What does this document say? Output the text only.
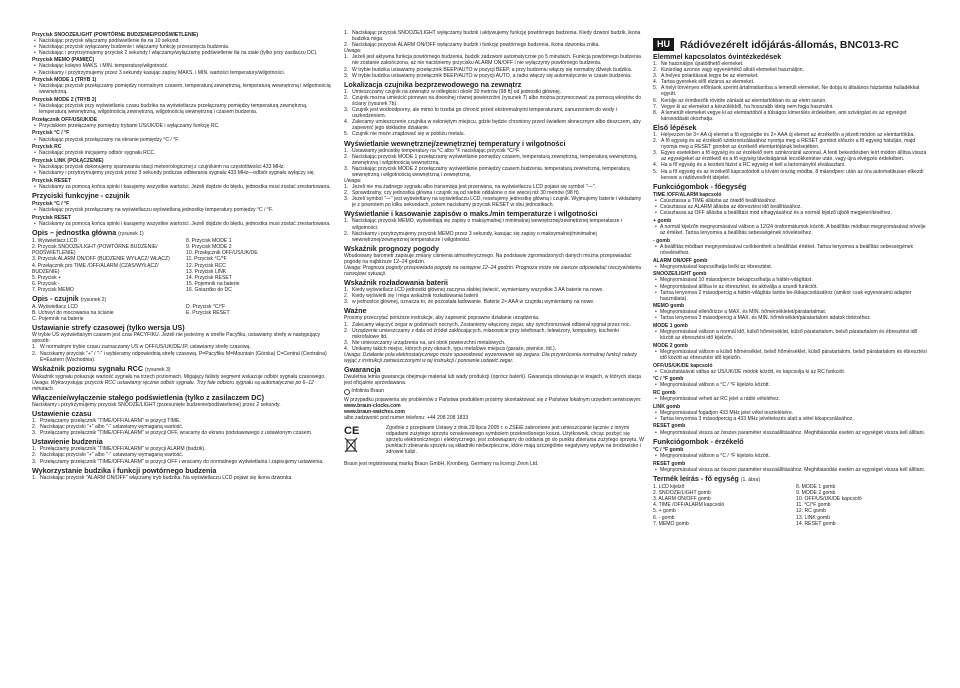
Przycisk SNOOZE/LIGHT (POWTÓRNE BUDZENIE/PODŚWIETLENIE)
• Naciskając przycisk włączamy podświetlenie tła na 10 sekund.
• Naciskając przycisk wyłączamy budzenie i włączamy funkcję przesunięcia budzenia.
• Naciskając i przytrzymujemy przycisk 2 sekundy i włączamy/wyłączamy podświetlenie tła na stałe (tylko przy zasilaczu DC).
Przycisk MEMO (PAMIĘĆ)
• Naciskając kolejno MAKS. i MIN. temperaturę/wilgotność.
• Naciskamy i przytrzymujemy przez 3 sekundy kasując zapisy MAKS. i MIN. wartości temperatury/wilgotności.
Przycisk MODE 1 (TRYB 1)
• Naciskając przycisk przełączamy pomiędzy normalnym czasem, temperaturą zewnętrzną, temperaturą wewnętrzną i wilgotnością wewnętrzną.
Przycisk MODE 2 (TRYB 2)
• Naciskając przycisk przy wyświetlaniu czasu budzika na wyświetlaczu przełączamy pomiędzy temperaturą zewnętrzną, temperaturą wewnętrzną, wilgotnością zewnętrzną, wilgotnością wewnętrzną i czasem budzenia.
Przełącznik OFF/US/UK/DE
• Przyciskiem przełączamy pomiędzy trybami US/UK/DE i wyłączamy funkcję RC.
Przycisk °C / °F
• Naciskając przycisk przełączamy na ekranie pomiędzy °C / °F.
Przycisk RC
• Naciskając przycisk inicjujemy odbiór sygnału RCC.
Przycisk LINK (POŁĄCZENIE)
• Naciskając przycisk dokonujemy sparowania stacji meteorologicznej z czujnikiem na częstotliwości 433 MHz.
• Naciskamy i przytrzymujemy przycisk przez 3 sekundy podczas odbierania sygnału 433 MHz—odbiór sygnału wyłączy się.
Przycisk RESET
• Naciskamy za pomocą końca spinki i kasujemy wszystkie wartości. Jeżeli dojdzie do błędu, jednostka musi zostać zrestartowana.
Przyciski funkcyjne - czujnik
Przycisk °C / °F
• Naciskając przycisk przełączamy na wyświetlaczu wyświetlaną jednostkę temperatury pomiędzy °C / °F.
Przycisk RESET
• Naciskamy za pomocą końca spinki i kasujemy wszystkie wartości. Jeżeli dojdzie do błędu, jednostka musi zostać zrestartowana.
Opis – jednostka główna (rysunek 1)
1. Wyświetlacz LCD
2. Przycisk SNOOZE/LIGHT (POWTÓRNE BUDZENIE/ PODŚWIETLENIE)
3. Przycisk ALARM ON/OFF (BUDZENIE WYŁĄCZ/ WŁĄCZ)
4. Przełącznik pro TIME /OFF/ALARM (CZAS/WYŁĄCZ/ BUDZENIE)
5. Przycisk +
6. Przycisk -
7. Przycisk MEMO
8. Przycisk MODE 1
9. Przycisk MODE 2
10. Przełącznik OFF/US/UK/DE
11. Przycisk °C/°F
12. Przycisk RCC
13. Przycisk LINK
14. Przycisk RESET
15. Pojemnik na baterie
16. Gniazdko do DC
Opis - czujnik (rysunek 2)
A. Wyświetlacz LCD
B. Uchwyt do mocowania na ścianie
C. Pojemnik na baterie
D. Przycisk °C/°F
E. Przycisk RESET
Ustawianie strefy czasowej (tylko wersja US)
W trybie US wyświetlanym czasem jest czas PACYFIKU. Jeżeli nie jesteśmy w strefie Pacyfiku, ustawiamy strefę w następujący sposób:
1. W normalnym trybie czasu zaznaczamy US w OFF/US/UK/DE/JP, ustawiamy strefę czasową.
2. Naciskamy przycisk "+" / "-" i wybieramy odpowiednią strefę czasową. P=Pacyfiku M=Mountain (Górska) C=Central (Centralna) E=Eastern (Wschodnia).
Wskaźnik poziomu sygnału RCC (rysunek 3)
Wskaźnik sygnału pokazuje wartość sygnału na trzech poziomach. Migający faliisty segment wskazuje odbiór sygnału czasowego.
Uwaga: Wykorzystując przycisk RCC ustawiamy ręcznie odbiór sygnału. Trzy fale odbioru sygnału są automatycznie po 6–12 minutach.
Włączenie/wyłączenie stałego podświetlenia (tylko z zasilaczem DC)
Naciskamy i przytrzymujemy przycisk SNOOZE/LIGHT (przesunięte budzenie/podświetlenie) przez 2 sekundy.
Ustawienie czasu
1. Przełączamy przełącznik "TIME/OFF/ALARM" w pozycji TIME.
2. Naciskając przyciski "+" albo "-" ustawiamy wymaganą wartość.
3. Przełączamy przełącznik "TIME/OFF/ALARM" w pozycji OFF, wracamy do ekranu podstawowego z ustawionym czasem.
Ustawienie budzenia
1. Przełączamy przełącznik "TIME/OFF/ALARM" w pozycji ALARM (budzik).
2. Naciskając przyciski "+" albo "-" ustawiamy wymaganą wartość.
3. Przełączamy przełącznik "TIME/OFF/ALARM" w pozycji OFF i wracamy do normalnego wyświetlania i zapisujemy ustawienia.
Wykorzystanie budzika i funkcji powtórnego budzenia
1. Naciskając przycisk "ALARM ON/OFF" włączamy tryb budzika. Na wyświetlaczu LCD pojawi się ikona dzwonka
1. Naciskając przycisk SNOOZE/LIGHT wyłączamy budzik i aktywujemy funkcję powtórnego budzenia. Kiedy dzwoni budzik, ikona budzika miga.
2. Naciskając przycisk ALARM ON/OFF wyłączamy budzik i funkcję powtórnego budzenia, ikona dzwonka znika.
Uwaga:
1. Jeżeli jest aktywna funkcja powtórnego budzenia, budzik zadzwoni automatycznie po 5 minutach. Funkcja powtórnego budzenia nie zostanie zakończona, aż nie naciśniemy przycisku ALARM ON/OFF i nie wyłączymy powtórnego budzenia.
2. W trybie budzika ustawiamy przełącznik BEEP/AUTO w pozycji BEEP, a przy budzeniu włączy się normalny dźwięk budzika.
3. W trybie budzika ustawiamy przełącznik BEEP/AUTO w pozycji AUTO, a radio włączy się automatycznie w czasie budzenia.
Lokalizacja czujnika bezprzewodowego na zewnątrz
1. Umieszczamy czujnik na zewnątrz w odległości około 30 metrów (98 ft) od jednostki głównej.
2. Czujnik można umieścić pionowo na dowolnej równej powierzchni (rysunek 7) albo można przymocować za pomocą wkrętów do ściany (rysunek 7b).
3. Czujnik jest wodoodporny, ale mimo to trzeba go chronić przed ekstremalnymi temperaturami, zanurzeniem do wody i uszkodzeniem.
4. Zalecamy umieszczenie czujnika w osłoniętym miejscu, gdzie będzie chroniony przed światłem słonecznym albo deszczem, aby zapewnić jego dokładne działanie.
5. Czujnik nie może znajdować się w pobliżu metalu.
Wyświetlanie wewnętrznej/zewnętrznej temperatury i wilgotności
1. Ustawiamy jednostkę temperatury na °C albo °F naciskając przycisk °C/°F.
2. Naciskając przycisk MODE 1 przełączamy wyświetlanie pomiędzy czasem, temperaturą zewnętrzną, temperaturą wewnętrzną, zewnętrzną i wilgotnością wewnętrzną.
3. Naciskając przycisk MODE 2 przełączamy wyświetlanie pomiędzy czasem budzenia, temperaturą zewnętrzną, temperaturą wewnętrzną i wilgotnością wewnętrzną i zewnętrzną.
Uwaga:
1. Jeżeli nie ma żadnego sygnału albo transmisja jest przerwana, na wyświetlaczu LCD pojawi się symbol "—".
2. Sprawdzamy, czy jednostka główna i czujnik są od siebie oddalone o nie więcej niż 30 metrów (98 ft).
3. Jeżeli symbol "—" jest wyświetlany na wyświetlaczu LCD, resetujemy jednostkę główną i czujnik. Wyjmujemy baterie i wkładamy je z powrotem po kilku sekundach, potem naciskamy przycisk RESET w obu jednostkach.
Wyświetlanie i kasowanie zapisów o maks./min temperaturze i wilgotności
1. Naciskając przycisk MEMO, wyświetlają się zapisy o maksymalnej i minimalnej wewnętrznej/zewnętrznej temperaturze i wilgotności.
2. Naciskamy i przytrzymujemy przycisk MEMO przez 3 sekundy, kasując się zapisy o maksymalnej/minimalnej wewnętrznej/zewnętrznej temperaturze i wilgotności.
Wskaźnik prognozy pogody
Wbudowany barometr zapisuje zmiany ciśnienia atmosferycznego. Na podstawie zgromadzonych danych można przepowiadać pogodę na najbliższe 12–24 godzin.
Uwaga: Prognoza pogody przepowiada pogodę na następne 12–24 godzin. Prognoza może nie zawsze odpowiadać rzeczywistemu rozwojowi sytuacji.
Wskaźnik rozładowania baterii
1. Kiedy wyświetlacz LCD jednostki głównej zaczyna słabiej świecić, wymieniamy wszystkie 3 AA baterie na nowe.
2. Kiedy wyświetli się i miga wskaźnik rozładowania baterii
3. w jednostce głównej, oznacza to, że pozostała ładowanie. Baterie 2× AAA w czujniku wymieniamy na nowe.
Ważne
Prosimy przeczytać poniższe instrukcje, aby zapewnić poprawne działanie urządzenia.
1. Zalecamy włączyć zegar w godzinach nocnych. Zostaniemy włączony zegar, aby synchronizował odbierał sygnał przez noc.
2. Urządzenie umieszczamy z dala od źródeł zakłócających, mianowicie przy telefonach, telewizory, komputery, kuchenki mikrofalowe itd.
3. Nie umieszczamy urządzenia na, ani obok powierzchni metalowych.
4. Unikamy takich miejsc, których przy oknach, typu metalowe miejsca (garaże, piwnice, itd.).
Uwaga: Działanie pola elektrostatycznego może spowodować wyzerowanie się zegara. Dla przywrócenia normalnej funkcji należy wyjąć z instrukcji zamieszczonymi w tej instrukcji i ponownie ustawić zegar.
Gwarancja
Dwuletnia letnia gwarancja obejmuje materiał lub wady produkcji (oprócz baterii). Gwarancja obowiązuje w krajach, w których stacja jest oficjalnie sprzedawana.
Infolinia Braun
W przypadku pojawienia się problemów z Państwa produktem prosimy skontaktować się z Państwa lokalnym urzędem serwisowym:
www.braun-clocks.com
www.braun-watches.com
albo zadzwonić pod numer telefonu: +44 208 208 1833
CE	Zgodnie z przepisami Ustawy z dnia 29 lipca 2005 r. o ZSEiE zabronione jest umieszczanie łącznie z innymi odpadami zużytego sprzętu oznakowanego symbolem przekreślonego kosza. Użytkownik, chcąc pozbyć się sprzętu elektronicznego i elektrycznego, jest zobowiązany do oddania go do punktu zbierania zużytego sprzętu. W punktach zbierania sprzętu są składniki niebezpieczne, które mają szczególnie negatywny wpływ na środowisko i zdrowie ludzi.
Braun jest registrowaną marką Braun GmbH, Kronberg, Germany na licencji Zeon Ltd.
HU Rádióvezérelt időjárás-állomás, BNC013-RC
Elemmel kapcsolatos óvintézkedések
1. Ne használjon újratölthető elemeket.
2. Kizárólag azonos vagy egyenértékű alkáli elemeket használjon.
3. A helyes polaritással tegye be az elemeket.
4. Tartsa gyerekek elől elzárva az elemeket.
5. A helyi törvényes előírások szerint ártalmatlanítsa a lemerült elemeket. Ne dobja ki általános háztartási hulladékkal együtt.
6. Kerülje az érintkezők rövidre zárását az elemtartókban és az elem saruin.
7. Vegye ki az elemeket a készülékből, ha hosszabb ideig nem fogja használni.
8. A lemerült elemeket vegye ki az elemtartóból a túlságos kimerülés érdekében, ami szivárgást és az egységet károsodását okozhatja.
Első lépések
1. Helyezzen be 3× AA új elemet a fő egységbe és 2× AAA új elemet az érzékelőn a jelzett módon az elemtartókba.
2. A fő egység és az érzékelő szinkronizálásához nyomja meg a RESET gombot először a fő egység hátulján, majd nyomja meg a RESET gombot az érzékelő elemtartójának belsejében.
3. Egyes esetekben a fő egység és az érzékelő nem szinkronizál azonnal. A fenti bekezdésben leírt módon állítsa vissza az egységeket az érzékelő és a fő egység távolságának lecsökkentése után, vagy újra elvégzés érdekében.
4. Ha a fő egység és a kezdeti fázist a RC egység el kell a tartománytol elválasztani.
5. Ha a fő egység és az érzékelő kapcsolódott a kívánt ország módba. 8 másodperc után az óra automatikusan elkezdi keresni a rádióvevőrét idejelet.
Funkciógombok - főegység
TIME /OFF/ALARM kapcsoló
• Csúsztassa a TIME állásba az óraidő beállításához.
• Csúsztassa az ALARM állásba az ébresztési idő beállításához.
• Csúsztassa az OFF állásba a beállítási mód elhagyásához és a normál kijelző újbóli megjelenítéséhez.
+ gomb
• A normál kijelzőn megnyomásával váltson a 12/24 óraformátumok között. A beállítás módban megnyomásával növelje az értéket. Tartsa lenyomva a beállítás sebességének növeléséhez.
- gomb
• A beállítás módban megnyomásával csökkentheti a beállítási értéket. Tartsa lenyomva a beállítás sebességének növeléséhez.
ALARM ON/OFF gomb
• Megnyomásával kapcsolhatja be/ki az ébresztést.
SNOOZE/LIGHT gomb
• Megnyomásával 10 másodpercre bekapcsolhatja a háttér-világítást.
• Megnyomásával állítsa le az ébresztést, és aktiválja a szundi funkciót.
• Tartsa lenyomva 2 másodpercig a háttér-világítás tartós be-/kikapcsolásához (amikor csak egyenáramú adapter használata).
MEMO gomb
• Megnyomásával ellenőrizze a MAX. és MIN. hőmérsékletet/páratartalmat.
• Tartsa lenyomva 3 másodpercig a MAX. és MIN. hőmérséklet/páratartalom adatok törléséhez.
MODE 1 gomb
• Megnyomásával váltson a normál idő, külső hőmérséklet, külső páratartalom, belső páratartalom és ébresztési idő között az ébresztési idő kijelzőn.
MODE 2 gomb
• Megnyomásával váltson a külső hőmérséklet, belső hőmérséklet, külső páratartalom, belső páratartalom és ébresztési idő között az ébresztési idő kijelzőn.
OFF/US/UK/DE kapcsoló
• Csúsztatásával váltsa az US/UK/DE módok között, és kapcsolja ki az RC funkciót.
°C / °F gomb
• Megnyomásával váltson a °C / °F kijelzés között.
RC gomb
• Megnyomásával veheti az RC jelet a rádió vételéhez.
LINK gomb
• Megnyomásával fogadjon 433 MHz jelet vétel tesztelésére.
• Tartsa lenyomva 3 másodpercig a 433 MHz jelvételezés alatt a vétel kikapcsolásához.
RESET gomb
• Megnyomásával vissza az összes paraméter visszaállításához. Meghibásodás esetén az egységet vissza kell állítani.
Funkciógombok - érzékelő
°C / °F gomb
• Megnyomásával váltson a °C / °F kijelzés között.
RESET gomb
• Megnyomásával vissza az összes paraméter visszaállításához. Meghibásodás esetén az egységet vissza kell állítani.
Termék leírás - fő egység (1. ábra)
1. LCD kijelző
2. SNOOZE/LIGHT gomb
3. ALARM ON/OFF gomb
4. TIME /OFF/ALARM kapcsoló
5. + gomb
6. - gomb
7. MEMO gomb
8. MODE 1 gomb
9. MODE 2 gomb
10. OFF/US/UK/DE kapcsoló
11. °C/°F gomb
12. RC gomb
13. LINK gomb
14. RESET gomb
